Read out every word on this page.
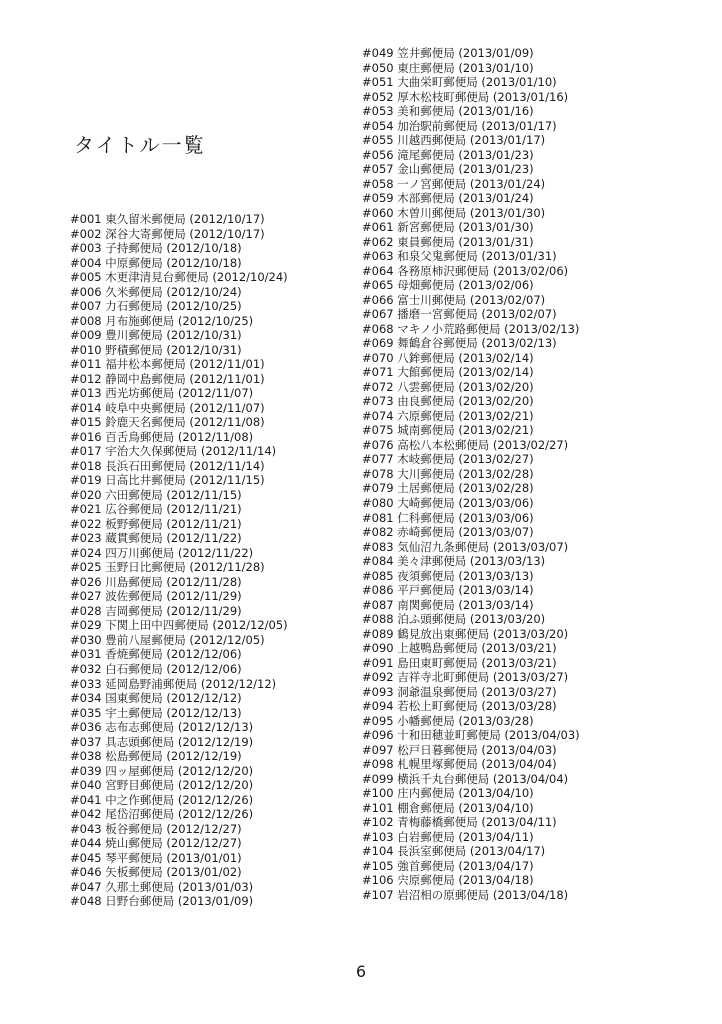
タイトル一覧
#001 東久留米郵便局 (2012/10/17)
#002 深谷大寄郵便局 (2012/10/17)
#003 子持郵便局 (2012/10/18)
#004 中原郵便局 (2012/10/18)
#005 木更津清見台郵便局 (2012/10/24)
#006 久米郵便局 (2012/10/24)
#007 力石郵便局 (2012/10/25)
#008 月布施郵便局 (2012/10/25)
#009 豊川郵便局 (2012/10/31)
#010 野積郵便局 (2012/10/31)
#011 福井松本郵便局 (2012/11/01)
#012 静岡中島郵便局 (2012/11/01)
#013 西光坊郵便局 (2012/11/07)
#014 岐阜中央郵便局 (2012/11/07)
#015 鈴鹿天名郵便局 (2012/11/08)
#016 百舌鳥郵便局 (2012/11/08)
#017 宇治大久保郵便局 (2012/11/14)
#018 長浜石田郵便局 (2012/11/14)
#019 日高比井郵便局 (2012/11/15)
#020 六田郵便局 (2012/11/15)
#021 広谷郵便局 (2012/11/21)
#022 板野郵便局 (2012/11/21)
#023 蔵貫郵便局 (2012/11/22)
#024 四万川郵便局 (2012/11/22)
#025 玉野日比郵便局 (2012/11/28)
#026 川島郵便局 (2012/11/28)
#027 波佐郵便局 (2012/11/29)
#028 吉岡郵便局 (2012/11/29)
#029 下関上田中四郵便局 (2012/12/05)
#030 豊前八屋郵便局 (2012/12/05)
#031 香焼郵便局 (2012/12/06)
#032 白石郵便局 (2012/12/06)
#033 延岡島野浦郵便局 (2012/12/12)
#034 国東郵便局 (2012/12/12)
#035 宇土郵便局 (2012/12/13)
#036 志布志郵便局 (2012/12/13)
#037 具志頭郵便局 (2012/12/19)
#038 松島郵便局 (2012/12/19)
#039 四ッ屋郵便局 (2012/12/20)
#040 宮野目郵便局 (2012/12/20)
#041 中之作郵便局 (2012/12/26)
#042 尾岱沼郵便局 (2012/12/26)
#043 板谷郵便局 (2012/12/27)
#044 焼山郵便局 (2012/12/27)
#045 琴平郵便局 (2013/01/01)
#046 矢板郵便局 (2013/01/02)
#047 久那土郵便局 (2013/01/03)
#048 日野台郵便局 (2013/01/09)
#049 笠井郵便局 (2013/01/09)
#050 東庄郵便局 (2013/01/10)
#051 大曲栄町郵便局 (2013/01/10)
#052 厚木松枝町郵便局 (2013/01/16)
#053 美和郵便局 (2013/01/16)
#054 加治駅前郵便局 (2013/01/17)
#055 川越西郵便局 (2013/01/17)
#056 滝尾郵便局 (2013/01/23)
#057 金山郵便局 (2013/01/23)
#058 一ノ宮郵便局 (2013/01/24)
#059 木部郵便局 (2013/01/24)
#060 木曽川郵便局 (2013/01/30)
#061 新宮郵便局 (2013/01/30)
#062 東員郵便局 (2013/01/31)
#063 和泉父鬼郵便局 (2013/01/31)
#064 各務原柿沢郵便局 (2013/02/06)
#065 母畑郵便局 (2013/02/06)
#066 富士川郵便局 (2013/02/07)
#067 播磨一宮郵便局 (2013/02/07)
#068 マキノ小荒路郵便局 (2013/02/13)
#069 舞鶴倉谷郵便局 (2013/02/13)
#070 八鉾郵便局 (2013/02/14)
#071 大館郵便局 (2013/02/14)
#072 八雲郵便局 (2013/02/20)
#073 由良郵便局 (2013/02/20)
#074 六原郵便局 (2013/02/21)
#075 城南郵便局 (2013/02/21)
#076 高松八本松郵便局 (2013/02/27)
#077 木岐郵便局 (2013/02/27)
#078 大川郵便局 (2013/02/28)
#079 土居郵便局 (2013/02/28)
#080 大崎郵便局 (2013/03/06)
#081 仁科郵便局 (2013/03/06)
#082 赤崎郵便局 (2013/03/07)
#083 気仙沼九条郵便局 (2013/03/07)
#084 美々津郵便局 (2013/03/13)
#085 夜須郵便局 (2013/03/13)
#086 平戸郵便局 (2013/03/14)
#087 南関郵便局 (2013/03/14)
#088 泊ふ頭郵便局 (2013/03/20)
#089 鶴見放出東郵便局 (2013/03/20)
#090 上越鴨島郵便局 (2013/03/21)
#091 島田東町郵便局 (2013/03/21)
#092 吉祥寺北町郵便局 (2013/03/27)
#093 洞爺温泉郵便局 (2013/03/27)
#094 若松上町郵便局 (2013/03/28)
#095 小幡郵便局 (2013/03/28)
#096 十和田穂並町郵便局 (2013/04/03)
#097 松戸日暮郵便局 (2013/04/03)
#098 札幌里塚郵便局 (2013/04/04)
#099 横浜千丸台郵便局 (2013/04/04)
#100 庄内郵便局 (2013/04/10)
#101 棚倉郵便局 (2013/04/10)
#102 青梅藤橋郵便局 (2013/04/11)
#103 白岩郵便局 (2013/04/11)
#104 長浜室郵便局 (2013/04/17)
#105 強首郵便局 (2013/04/17)
#106 宍原郵便局 (2013/04/18)
#107 岩沼相の原郵便局 (2013/04/18)
6
